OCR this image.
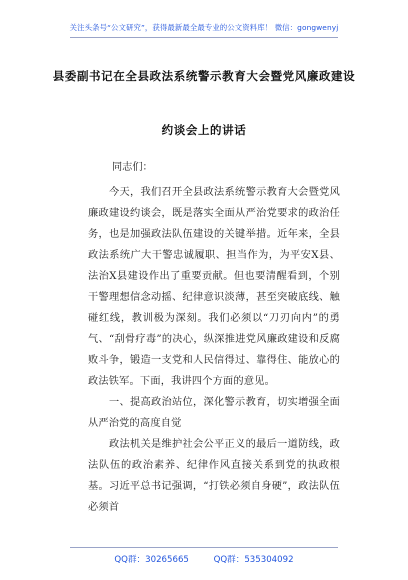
关注头条号“公文研究”，获得最新最全最专业的公文资料库！ 微信：gongwenyj
县委副书记在全县政法系统警示教育大会暨党风廉政建设
约谈会上的讲话
同志们：

　　今天，我们召开全县政法系统警示教育大会暨党风廉政建设约谈会，既是落实全面从严治党要求的政治任务，也是加强政法队伍建设的关键举措。近年来，全县政法系统广大干警忠诚履职、担当作为，为平安X县、法治X县建设作出了重要贡献。但也要清醒看到，个别干警理想信念动摇、纪律意识淡薄，甚至突破底线、触碰红线，教训极为深刻。我们必须以“刀刃向内”的勇气、“刮骨疗毒”的决心，纵深推进党风廉政建设和反腐败斗争，锻造一支党和人民信得过、靠得住、能放心的政法铁军。下面，我讲四个方面的意见。

　　一、提高政治站位，深化警示教育，切实增强全面从严治党的高度自觉

　　政法机关是维护社会公平正义的最后一道防线，政法队伍的政治素养、纪律作风直接关系到党的执政根基。习近平总书记强调，“打铁必须自身硬”，政法队伍必须首

QQ群：30265665	QQ群：535304092
